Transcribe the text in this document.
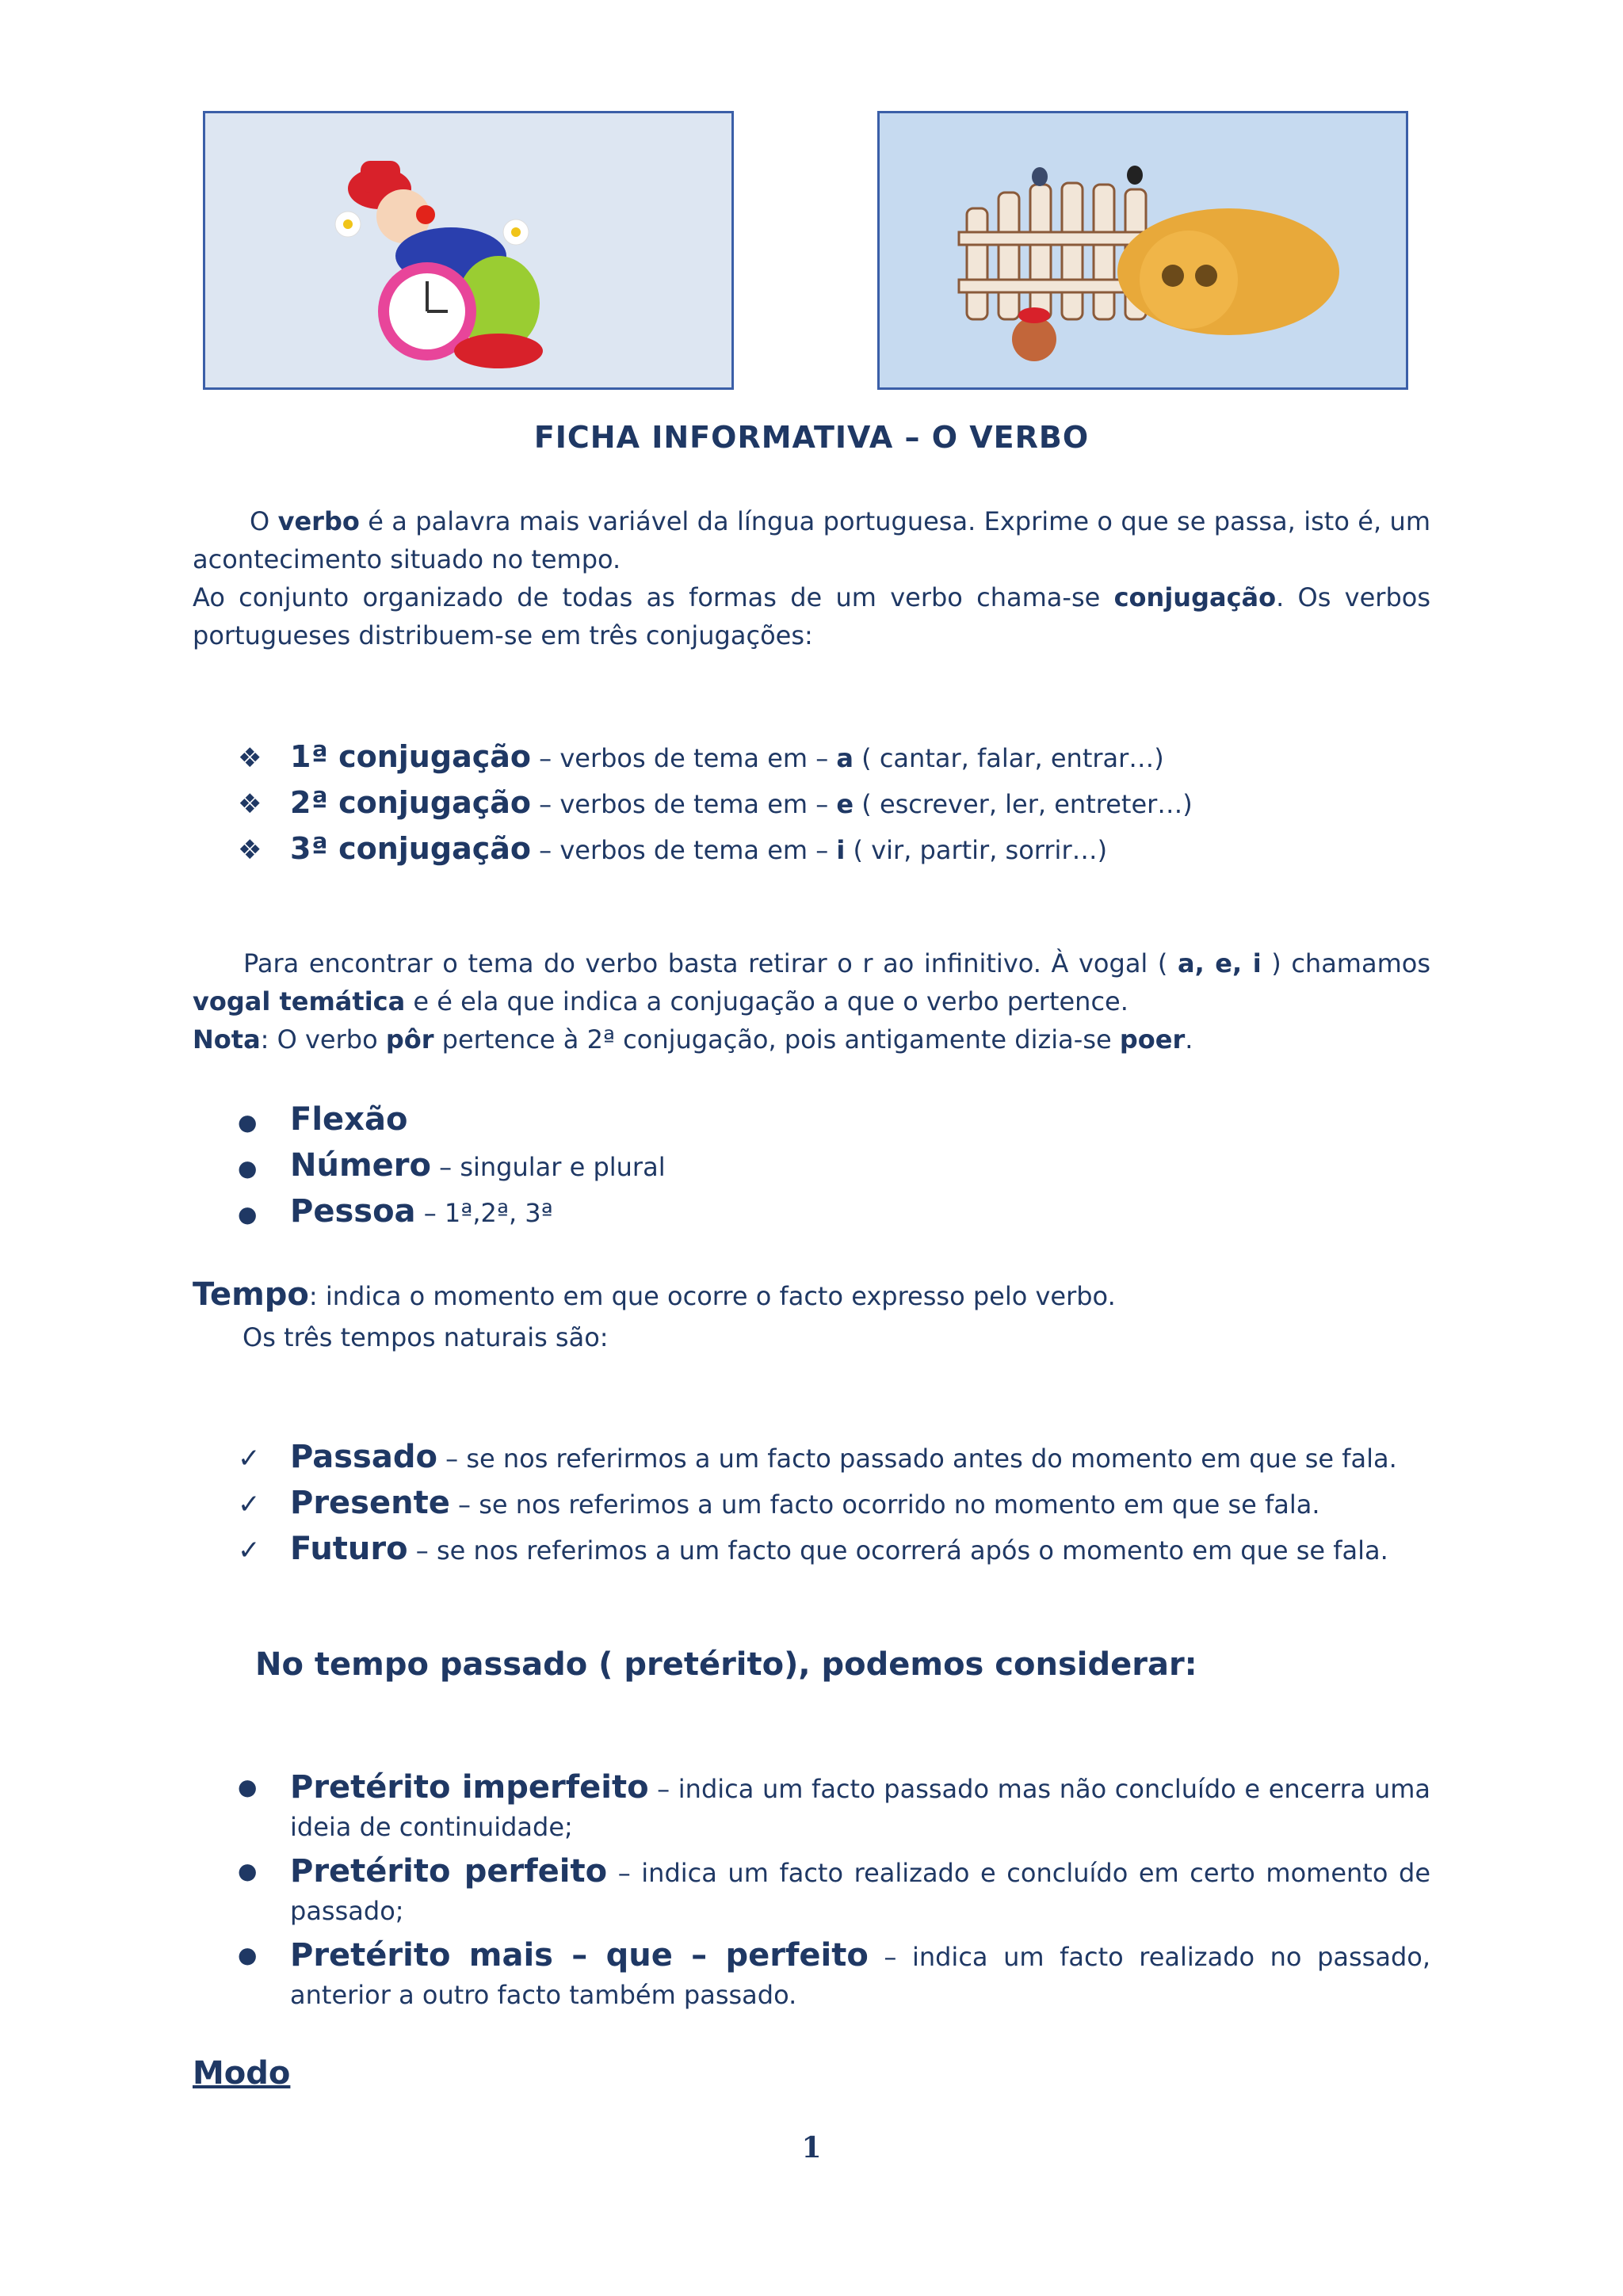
FICHA INFORMATIVA – O VERBO
O verbo é a palavra mais variável da língua portuguesa. Exprime o que se passa, isto é, um acontecimento situado no tempo.
Ao conjunto organizado de todas as formas de um verbo chama-se conjugação. Os verbos portugueses distribuem-se em três conjugações:
❖ 1ª conjugação – verbos de tema em – a ( cantar, falar, entrar…)
❖ 2ª conjugação – verbos de tema em – e ( escrever, ler, entreter…)
❖ 3ª conjugação – verbos de tema em – i ( vir, partir, sorrir…)
Para encontrar o tema do verbo basta retirar o r ao infinitivo. À vogal ( a, e, i ) chamamos vogal temática e é ela que indica a conjugação a que o verbo pertence.
Nota: O verbo pôr pertence à 2ª conjugação, pois antigamente dizia-se poer.
● Flexão
● Número – singular e plural
● Pessoa – 1ª,2ª, 3ª
Tempo: indica o momento em que ocorre o facto expresso pelo verbo.
Os três tempos naturais são:
✓ Passado – se nos referirmos a um facto passado antes do momento em que se fala.
✓ Presente – se nos referimos a um facto ocorrido no momento em que se fala.
✓ Futuro – se nos referimos a um facto que ocorrerá após o momento em que se fala.
No tempo passado ( pretérito), podemos considerar:
●	Pretérito imperfeito – indica um facto passado mas não concluído e encerra uma ideia de continuidade;
●	Pretérito perfeito – indica um facto realizado e concluído em certo momento de passado;
●	Pretérito mais – que – perfeito – indica um facto realizado no passado, anterior a outro facto também passado.
Modo
1
